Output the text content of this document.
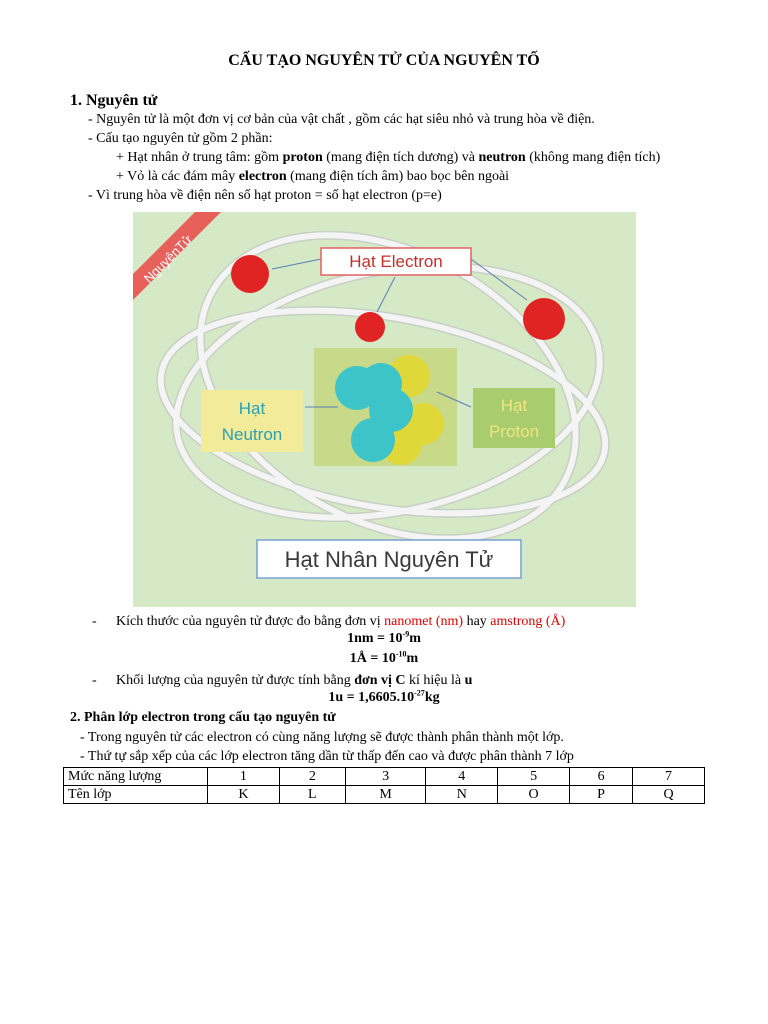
CẤU TẠO NGUYÊN TỬ CỦA NGUYÊN TỐ
1. Nguyên tử
- Nguyên tử là một đơn vị cơ bản của vật chất , gồm các hạt siêu nhỏ và trung hòa về điện.
- Cấu tạo nguyên tử gồm 2 phần:
+ Hạt nhân ở trung tâm: gồm proton (mang điện tích dương) và neutron (không mang điện tích)
+ Vỏ là các đám mây electron (mang điện tích âm) bao bọc bên ngoài
- Vì trung hòa về điện nên số hạt proton = số hạt electron (p=e)
NguyênTử	Hạt Electron
Hạt
Neutron
Hạt
Proton
Hạt Nhân Nguyên Tử
- Kích thước của nguyên tử được đo bằng đơn vị nanomet (nm) hay amstrong (Å)
$1nm = 10^{-9}m$
1Å = $10^{-10}m$
- Khối lượng của nguyên tử được tính bằng đơn vị C kí hiệu là u
$1u = 1,6605.10^{-27}kg$
2. Phân lớp electron trong cấu tạo nguyên tử
- Trong nguyên tử các electron có cùng năng lượng sẽ được thành phân thành một lớp.
- Thứ tự sắp xếp của các lớp electron tăng dần từ thấp đến cao và được phân thành 7 lớp
Mức năng lượng	1	2	3	4	5	6	7
Tên lớp	K	L	M	N	O	P	Q
